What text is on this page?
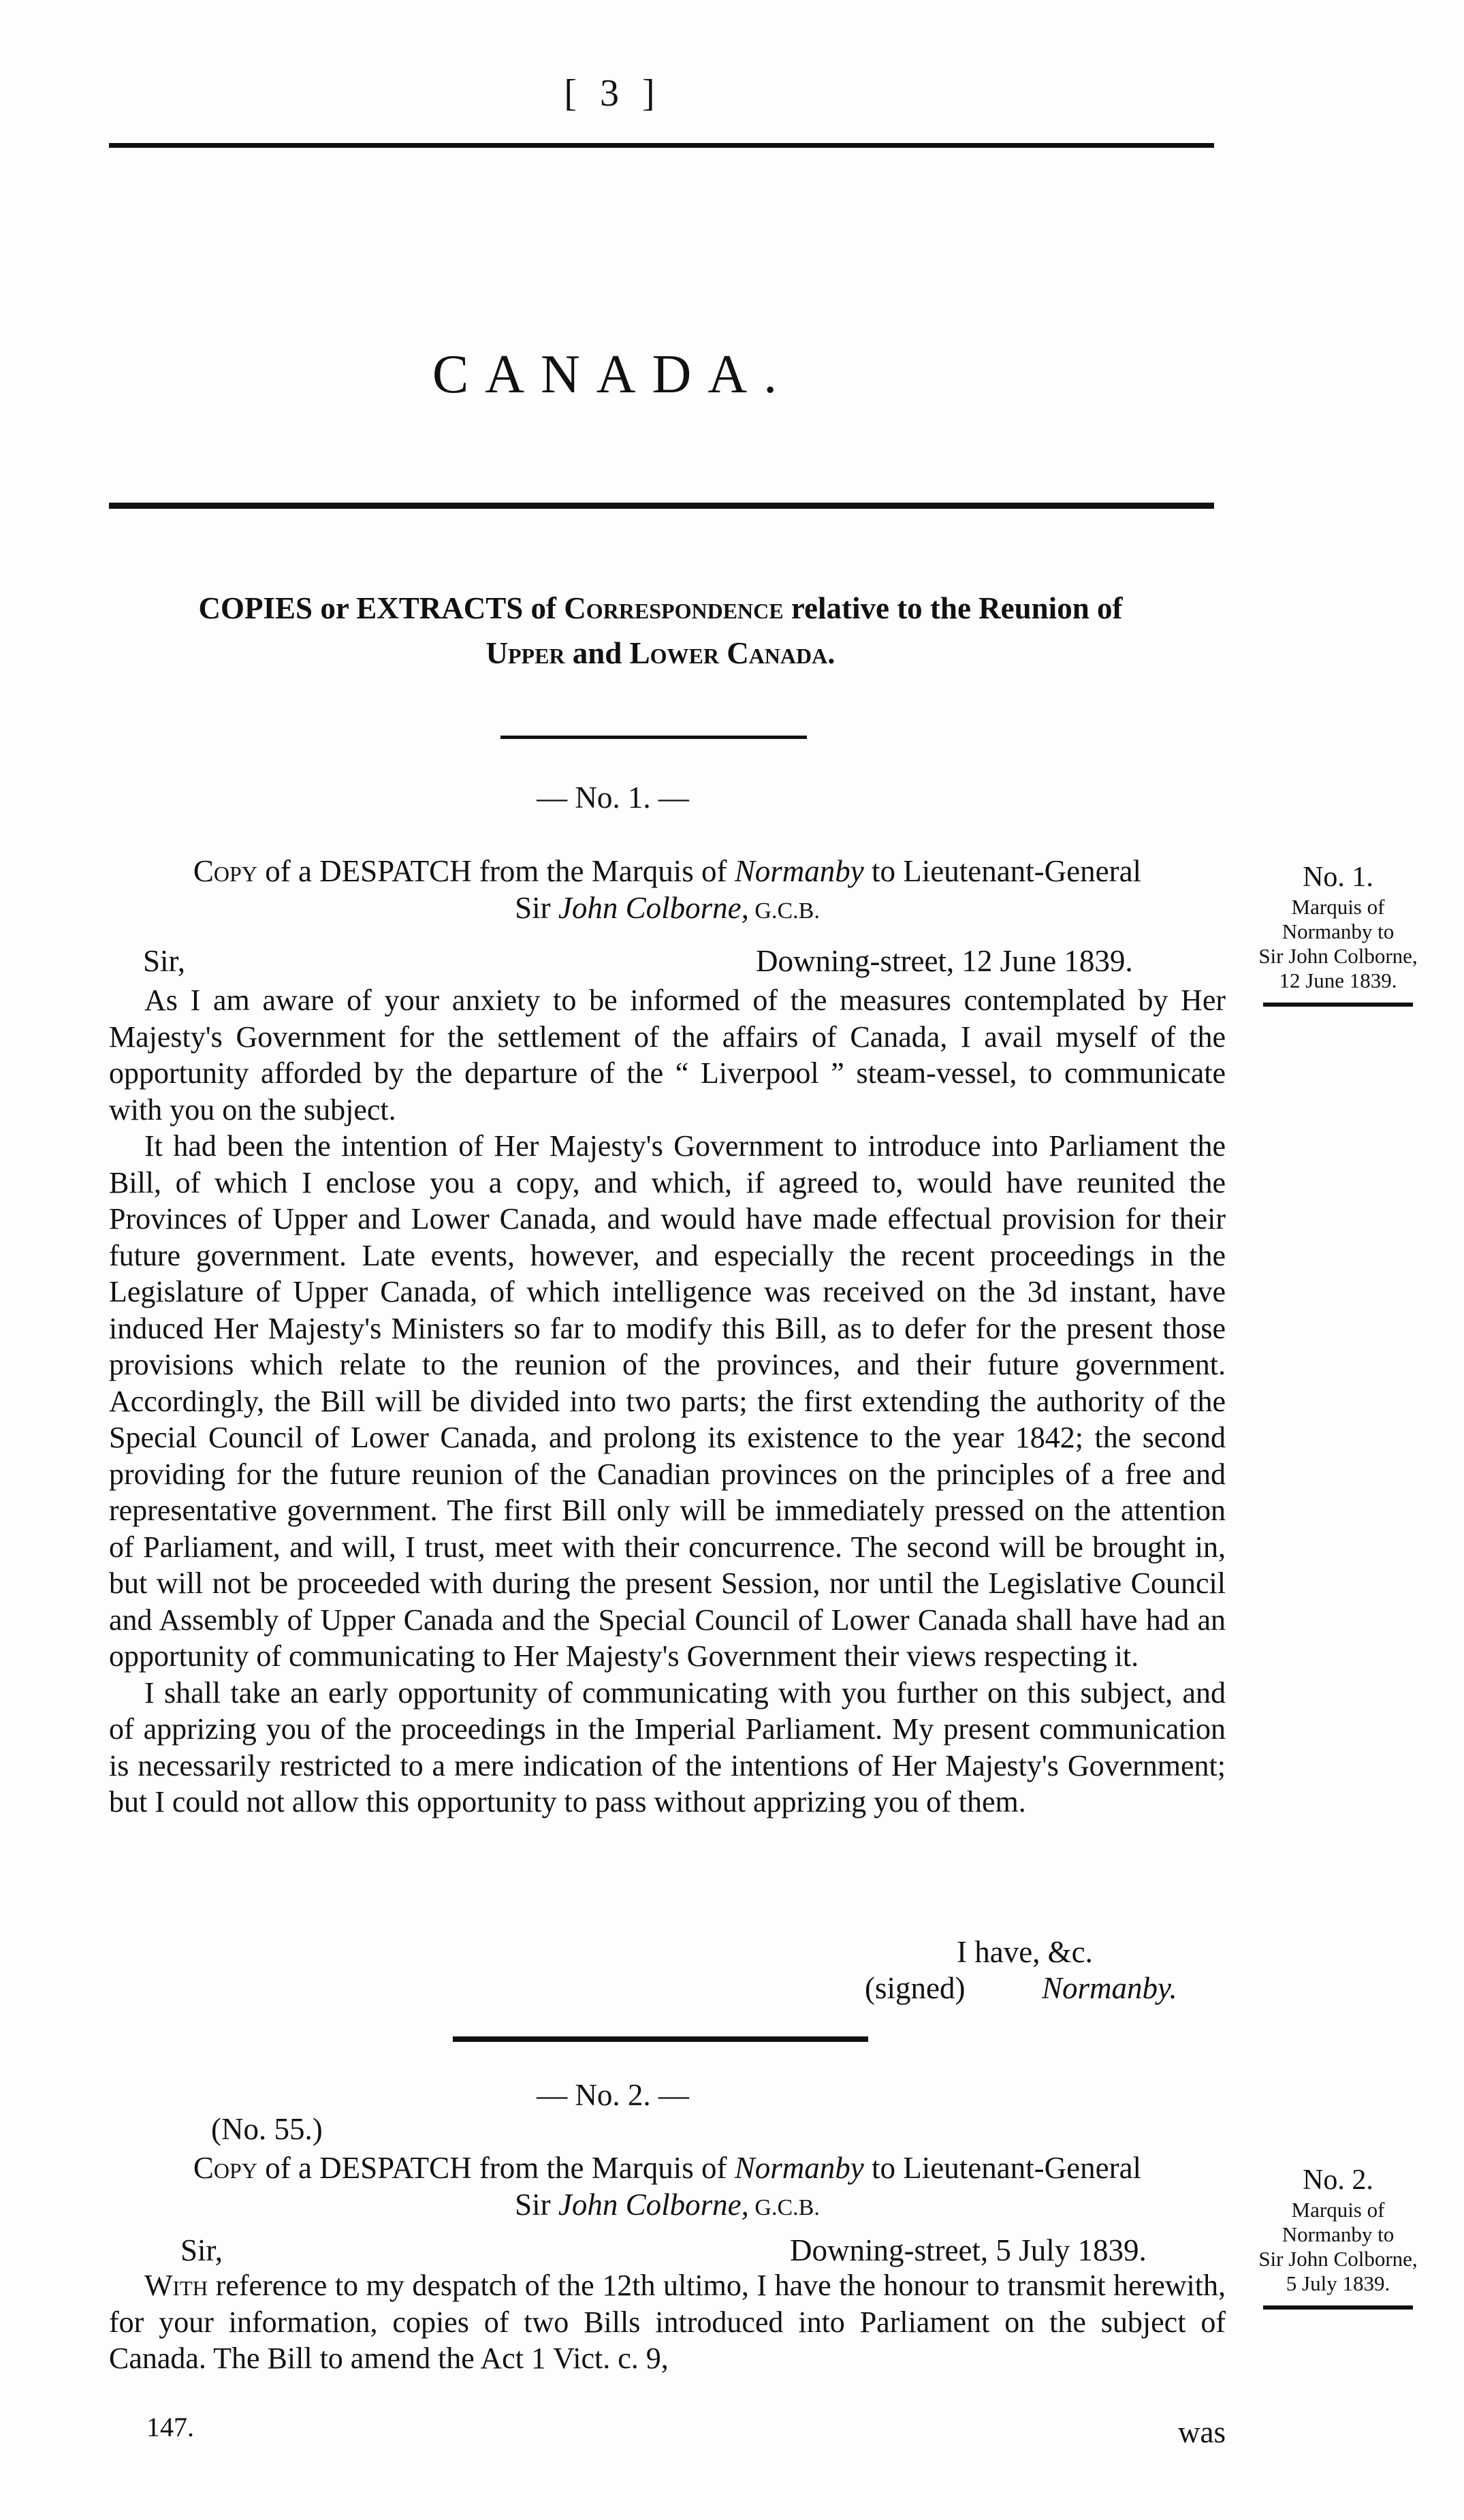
[ 3 ]
CANADA.
COPIES or EXTRACTS of Correspondence relative to the Reunion of
Upper and Lower Canada.
— No. 1. —
Copy of a DESPATCH from the Marquis of Normanby to Lieutenant-General
Sir John Colborne, G.C.B.
Sir,	Downing-street, 12 June 1839.

As I am aware of your anxiety to be informed of the measures contemplated by Her Majesty's Government for the settlement of the affairs of Canada, I avail myself of the opportunity afforded by the departure of the “ Liverpool ” steam-vessel, to communicate with you on the subject.

It had been the intention of Her Majesty's Government to introduce into Parliament the Bill, of which I enclose you a copy, and which, if agreed to, would have reunited the Provinces of Upper and Lower Canada, and would have made effectual provision for their future government. Late events, however, and especially the recent proceedings in the Legislature of Upper Canada, of which intelligence was received on the 3d instant, have induced Her Majesty's Ministers so far to modify this Bill, as to defer for the present those provisions which relate to the reunion of the provinces, and their future government. Accordingly, the Bill will be divided into two parts; the first extending the authority of the Special Council of Lower Canada, and prolong its existence to the year 1842; the second providing for the future reunion of the Canadian provinces on the principles of a free and representative government. The first Bill only will be immediately pressed on the attention of Parliament, and will, I trust, meet with their concurrence. The second will be brought in, but will not be proceeded with during the present Session, nor until the Legislative Council and Assembly of Upper Canada and the Special Council of Lower Canada shall have had an opportunity of communicating to Her Majesty's Government their views respecting it.

I shall take an early opportunity of communicating with you further on this subject, and of apprizing you of the proceedings in the Imperial Parliament. My present communication is necessarily restricted to a mere indication of the intentions of Her Majesty's Government; but I could not allow this opportunity to pass without apprizing you of them.

I have, &c.
(signed)	Normanby.
No. 1.
Marquis of
Normanby to
Sir John Colborne,
12 June 1839.
— No. 2. —
(No. 55.)
Copy of a DESPATCH from the Marquis of Normanby to Lieutenant-General
Sir John Colborne, G.C.B.
Sir,	Downing-street, 5 July 1839.

With reference to my despatch of the 12th ultimo, I have the honour to transmit herewith, for your information, copies of two Bills introduced into Parliament on the subject of Canada. The Bill to amend the Act 1 Vict. c. 9,

No. 2.
Marquis of
Normanby to
Sir John Colborne,
5 July 1839.
147.	was
